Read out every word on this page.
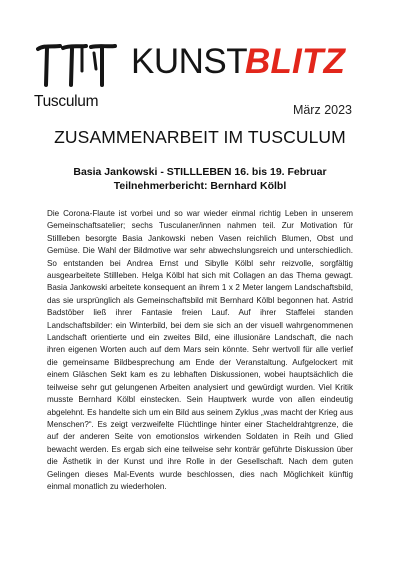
Tusculum
KUNST
BLITZ
März 2023
ZUSAMMENARBEIT IM TUSCULUM
Basia Jankowski - STILLLEBEN 16. bis 19. Februar
Teilnehmerbericht: Bernhard Kölbl

Die Corona-Flaute ist vorbei und so war wieder einmal richtig Leben in unserem Gemeinschaftsatelier; sechs Tusculaner/innen nahmen teil. Zur Motivation für Stillleben besorgte Basia Jankowski neben Vasen reichlich Blumen, Obst und Gemüse. Die Wahl der Bildmotive war sehr abwechslungsreich und unterschiedlich. So entstanden bei Andrea Ernst und Sibylle Kölbl sehr reizvolle, sorgfältig ausgearbeitete Stillleben. Helga Kölbl hat sich mit Collagen an das Thema gewagt. Basia Jankowski arbeitete konsequent an ihrem 1 x 2 Meter langem Landschaftsbild, das sie ursprünglich als Gemeinschaftsbild mit Bernhard Kölbl begonnen hat. Astrid Badstöber ließ ihrer Fantasie freien Lauf. Auf ihrer Staffelei standen Landschaftsbilder: ein Winterbild, bei dem sie sich an der visuell wahrgenommenen Landschaft orientierte und ein zweites Bild, eine illusionäre Landschaft, die nach ihren eigenen Worten auch auf dem Mars sein könnte. Sehr wertvoll für alle verlief die gemeinsame Bildbesprechung am Ende der Veranstaltung. Aufgelockert mit einem Gläschen Sekt kam es zu lebhaften Diskussionen, wobei hauptsächlich die teilweise sehr gut gelungenen Arbeiten analysiert und gewürdigt wurden. Viel Kritik musste Bernhard Kölbl einstecken. Sein Hauptwerk wurde von allen eindeutig abgelehnt. Es handelte sich um ein Bild aus seinem Zyklus „was macht der Krieg aus Menschen?“. Es zeigt verzweifelte Flüchtlinge hinter einer Stacheldrahtgrenze, die auf der anderen Seite von emotionslos wirkenden Soldaten in Reih und Glied bewacht werden. Es ergab sich eine teilweise sehr konträr geführte Diskussion über die Ästhetik in der Kunst und ihre Rolle in der Gesellschaft. Nach dem guten Gelingen dieses Mal-Events wurde beschlossen, dies nach Möglichkeit künftig einmal monatlich zu wiederholen.
